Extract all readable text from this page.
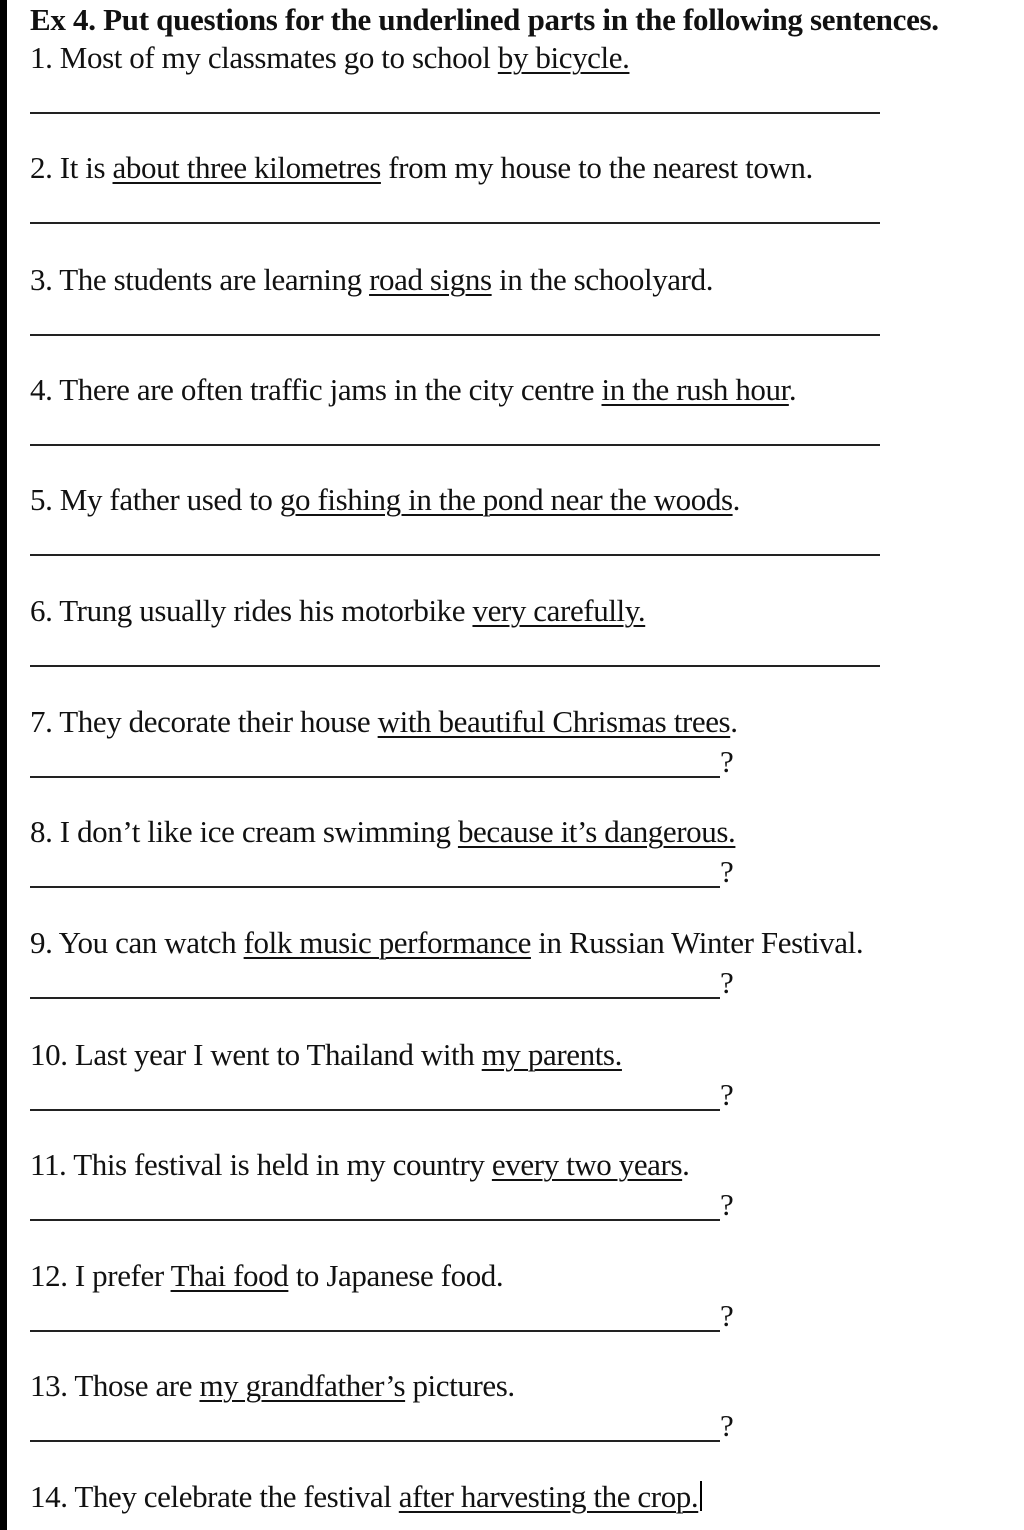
Ex 4. Put questions for the underlined parts in the following sentences.
1. Most of my classmates go to school by bicycle.
2. It is about three kilometres from my house to the nearest town.
3. The students are learning road signs in the schoolyard.
4. There are often traffic jams in the city centre in the rush hour.
5. My father used to go fishing in the pond near the woods.
6. Trung usually rides his motorbike very carefully.
7. They decorate their house with beautiful Chrismas trees.
?
8. I don’t like ice cream swimming because it’s dangerous.
?
9. You can watch folk music performance in Russian Winter Festival.
?
10. Last year I went to Thailand with my parents.
?
11. This festival is held in my country every two years.
?
12. I prefer Thai food to Japanese food.
?
13. Those are my grandfather’s pictures.
?
14. They celebrate the festival after harvesting the crop.
